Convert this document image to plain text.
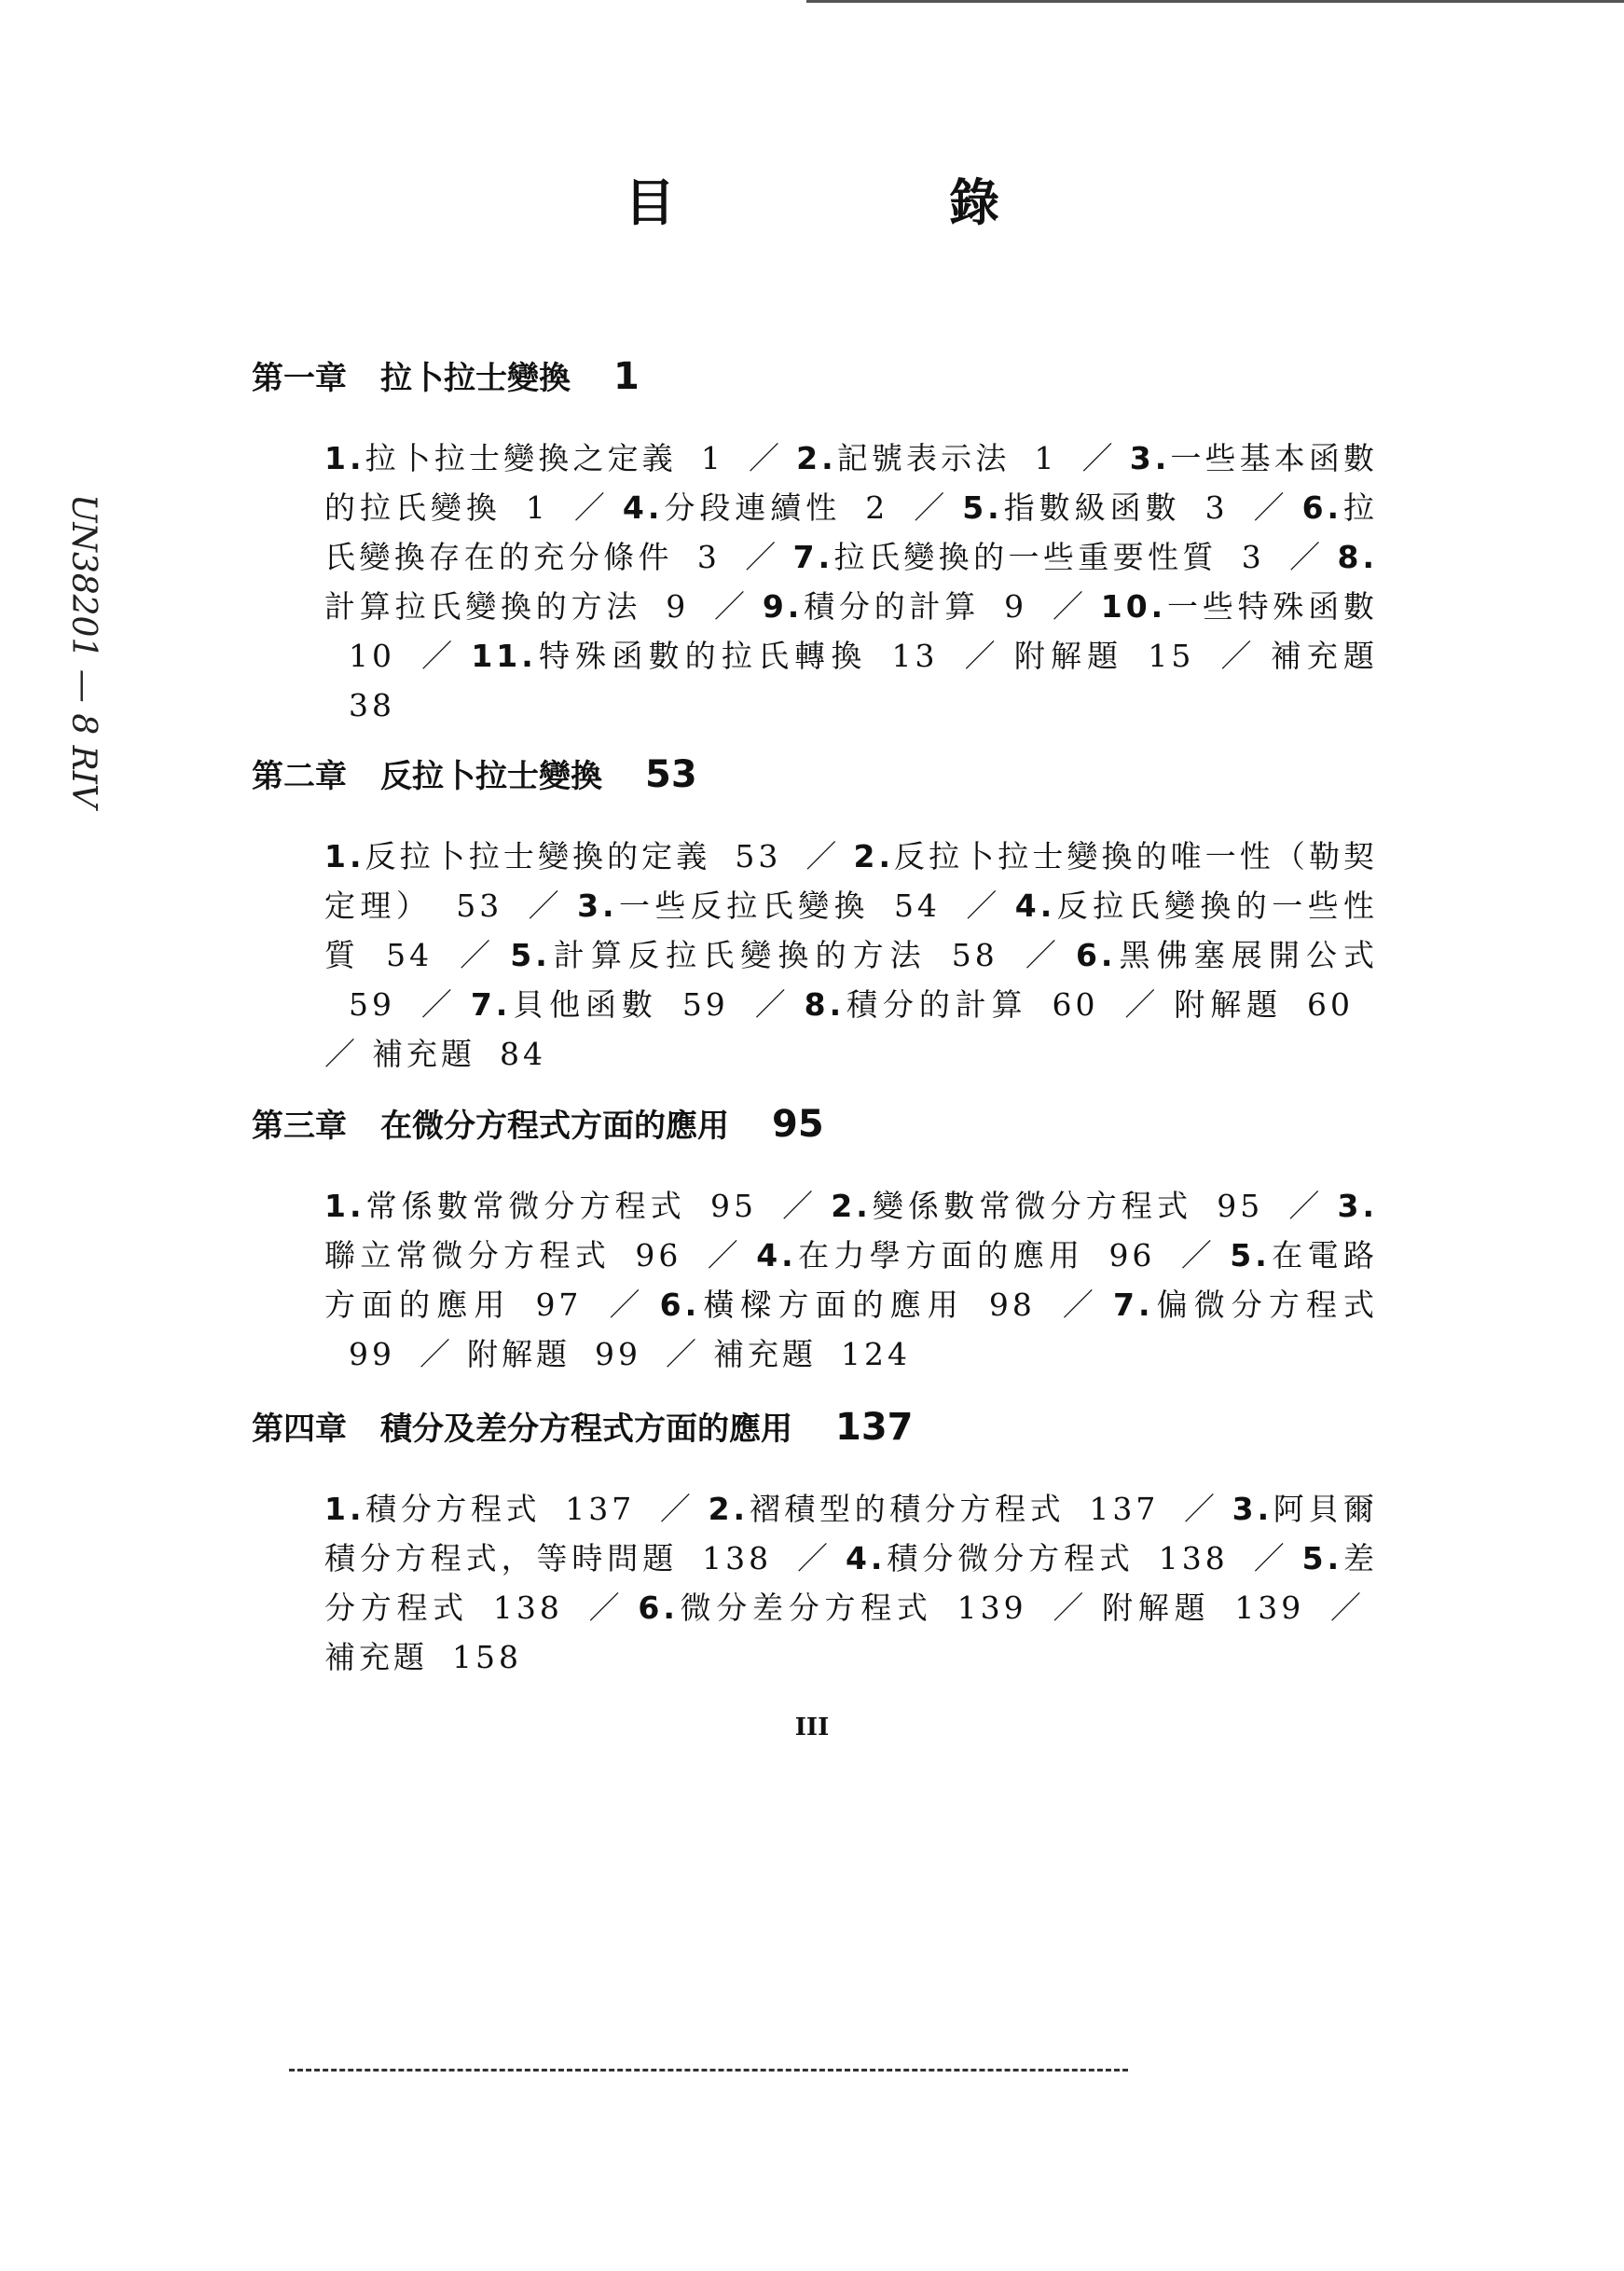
UN38201 — 8 RIV
目　錄
第一章 拉卜拉士變換 1
1.拉卜拉士變換之定義 1 ／ 2.記號表示法 1 ／ 3.一些基本函數的拉氏變換 1 ／ 4.分段連續性 2 ／ 5.指數級函數 3 ／ 6.拉氏變換存在的充分條件 3 ／ 7.拉氏變換的一些重要性質 3 ／ 8.計算拉氏變換的方法 9 ／ 9.積分的計算 9 ／ 10.一些特殊函數10 ／ 11.特殊函數的拉氏轉換 13 ／ 附解題 15 ／ 補充題38
第二章 反拉卜拉士變換 53
1.反拉卜拉士變換的定義 53 ／ 2.反拉卜拉士變換的唯一性（勒契定理） 53 ／ 3.一些反拉氏變換 54 ／ 4.反拉氏變換的一些性質 54 ／ 5.計算反拉氏變換的方法 58 ／ 6.黑佛塞展開公式59 ／ 7.貝他函數 59 ／ 8.積分的計算 60 ／ 附解題 60／ 補充題 84
第三章 在微分方程式方面的應用 95
1.常係數常微分方程式 95 ／ 2.變係數常微分方程式 95 ／ 3.聯立常微分方程式 96 ／ 4.在力學方面的應用 96 ／ 5.在電路方面的應用 97 ／ 6.橫樑方面的應用 98 ／ 7.偏微分方程式99 ／ 附解題 99 ／ 補充題 124
第四章 積分及差分方程式方面的應用 137
1.積分方程式 137 ／ 2.褶積型的積分方程式 137 ／ 3.阿貝爾積分方程式，等時問題 138 ／ 4.積分微分方程式 138 ／ 5.差分方程式 138 ／ 6.微分差分方程式 139 ／ 附解題 139 ／補充題 158
III
